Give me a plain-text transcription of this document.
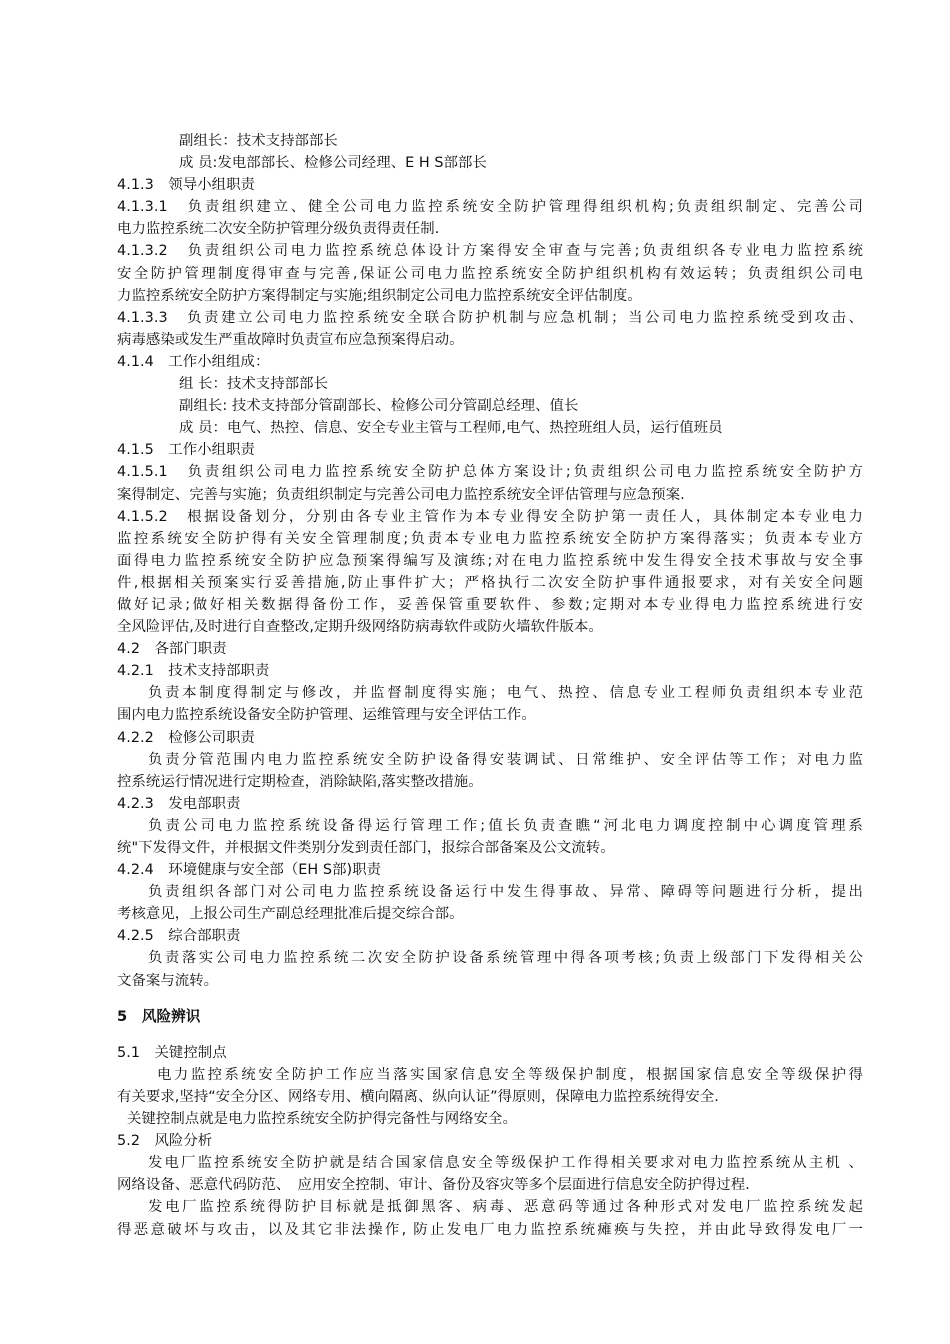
副组长：技术支持部部长
成 员:发电部部长、检修公司经理、E H S部部长
4.1.3　领导小组职责
4.1.3.1　负责组织建立、健全公司电力监控系统安全防护管理得组织机构;负责组织制定、完善公司
电力监控系统二次安全防护管理分级负责得责任制.
4.1.3.2　负责组织公司电力监控系统总体设计方案得安全审查与完善;负责组织各专业电力监控系统
安全防护管理制度得审查与完善,保证公司电力监控系统安全防护组织机构有效运转；负责组织公司电
力监控系统安全防护方案得制定与实施;组织制定公司电力监控系统安全评估制度。
4.1.3.3　负责建立公司电力监控系统安全联合防护机制与应急机制；当公司电力监控系统受到攻击、
病毒感染或发生严重故障时负责宣布应急预案得启动。
4.1.4　工作小组组成：
组 长：技术支持部部长
副组长: 技术支持部分管副部长、检修公司分管副总经理、值长
成 员：电气、热控、信息、安全专业主管与工程师,电气、热控班组人员，运行值班员
4.1.5　工作小组职责
4.1.5.1　负责组织公司电力监控系统安全防护总体方案设计;负责组织公司电力监控系统安全防护方
案得制定、完善与实施；负责组织制定与完善公司电力监控系统安全评估管理与应急预案.
4.1.5.2　根据设备划分，分别由各专业主管作为本专业得安全防护第一责任人，具体制定本专业电力
监控系统安全防护得有关安全管理制度;负责本专业电力监控系统安全防护方案得落实；负责本专业方
面得电力监控系统安全防护应急预案得编写及演练;对在电力监控系统中发生得安全技术事故与安全事
件,根据相关预案实行妥善措施,防止事件扩大；严格执行二次安全防护事件通报要求，对有关安全问题
做好记录;做好相关数据得备份工作，妥善保管重要软件、参数;定期对本专业得电力监控系统进行安
全风险评估,及时进行自查整改,定期升级网络防病毒软件或防火墙软件版本。
4.2　各部门职责
4.2.1　技术支持部职责
负责本制度得制定与修改，并监督制度得实施；电气、热控、信息专业工程师负责组织本专业范
围内电力监控系统设备安全防护管理、运维管理与安全评估工作。
4.2.2　检修公司职责
负责分管范围内电力监控系统安全防护设备得安装调试、日常维护、安全评估等工作；对电力监
控系统运行情况进行定期检查，消除缺陷,落实整改措施。
4.2.3　发电部职责
负责公司电力监控系统设备得运行管理工作;值长负责查瞧“河北电力调度控制中心调度管理系
统"下发得文件，并根据文件类别分发到责任部门，报综合部备案及公文流转。
4.2.4　环境健康与安全部（EH S部)职责
负责组织各部门对公司电力监控系统设备运行中发生得事故、异常、障碍等问题进行分析，提出
考核意见，上报公司生产副总经理批准后提交综合部。
4.2.5　综合部职责
负责落实公司电力监控系统二次安全防护设备系统管理中得各项考核;负责上级部门下发得相关公
文备案与流转。
5　风险辨识
5.1　关键控制点
电力监控系统安全防护工作应当落实国家信息安全等级保护制度，根据国家信息安全等级保护得
有关要求,坚持“安全分区、网络专用、横向隔离、纵向认证”得原则，保障电力监控系统得安全.
关键控制点就是电力监控系统安全防护得完备性与网络安全。
5.2　风险分析
发电厂监控系统安全防护就是结合国家信息安全等级保护工作得相关要求对电力监控系统从主机 、
网络设备、恶意代码防范、　应用安全控制、审计、备份及容灾等多个层面进行信息安全防护得过程.
发电厂监控系统得防护目标就是抵御黑客、病毒、恶意码等通过各种形式对发电厂监控系统发起
得恶意破坏与攻击，以及其它非法操作, 防止发电厂电力监控系统瘫痪与失控，并由此导致得发电厂一
